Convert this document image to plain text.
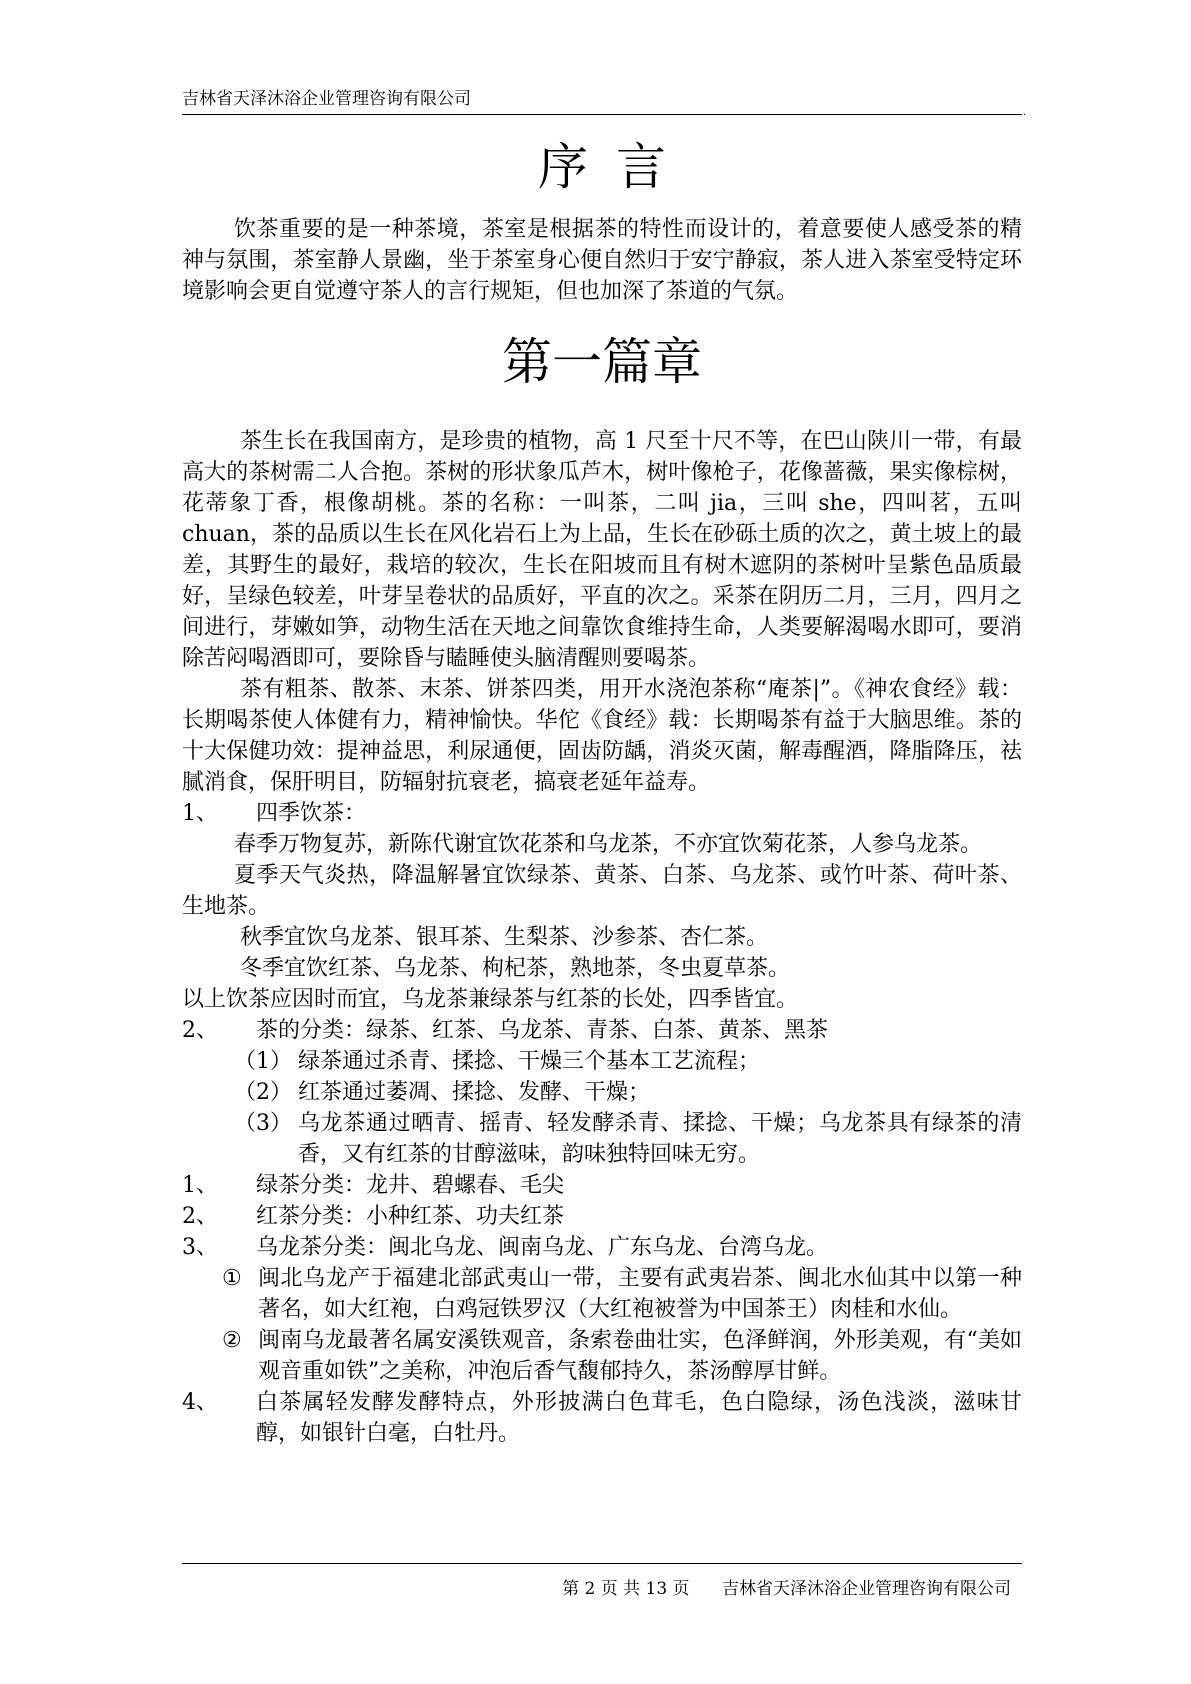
吉林省天泽沐浴企业管理咨询有限公司
.
序言

饮茶重要的是一种茶境，茶室是根据茶的特性而设计的，着意要使人感受茶的精神与氛围，茶室静人景幽，坐于茶室身心便自然归于安宁静寂，茶人进入茶室受特定环境影响会更自觉遵守茶人的言行规矩，但也加深了茶道的气氛。

第一篇章

茶生长在我国南方，是珍贵的植物，高 1 尺至十尺不等，在巴山陕川一带，有最高大的茶树需二人合抱。茶树的形状象瓜芦木，树叶像枪子，花像蔷薇，果实像棕树，花蒂象丁香，根像胡桃。茶的名称：一叫茶，二叫 jia，三叫 she，四叫茗，五叫 chuan，茶的品质以生长在风化岩石上为上品，生长在砂砾土质的次之，黄土坡上的最差，其野生的最好，栽培的较次，生长在阳坡而且有树木遮阴的茶树叶呈紫色品质最好，呈绿色较差，叶芽呈卷状的品质好，平直的次之。采茶在阴历二月，三月，四月之间进行，芽嫩如笋，动物生活在天地之间靠饮食维持生命，人类要解渴喝水即可，要消除苦闷喝酒即可，要除昏与瞌睡使头脑清醒则要喝茶。

茶有粗茶、散茶、末茶、饼茶四类，用开水浇泡茶称“庵茶|”。《神农食经》载：长期喝茶使人体健有力，精神愉快。华佗《食经》载：长期喝茶有益于大脑思维。茶的十大保健功效：提神益思，利尿通便，固齿防龋，消炎灭菌，解毒醒酒，降脂降压，祛腻消食，保肝明目，防辐射抗衰老，搞衰老延年益寿。

1、	四季饮茶：

春季万物复苏，新陈代谢宜饮花茶和乌龙茶，不亦宜饮菊花茶，人参乌龙茶。

夏季天气炎热，降温解暑宜饮绿茶、黄茶、白茶、乌龙茶、或竹叶茶、荷叶茶、生地茶。

秋季宜饮乌龙茶、银耳茶、生梨茶、沙参茶、杏仁茶。

冬季宜饮红茶、乌龙茶、枸杞茶，熟地茶，冬虫夏草茶。

以上饮茶应因时而宜，乌龙茶兼绿茶与红茶的长处，四季皆宜。

2、	茶的分类：绿茶、红茶、乌龙茶、青茶、白茶、黄茶、黑茶
（1） 绿茶通过杀青、揉捻、干燥三个基本工艺流程；
（2） 红茶通过萎凋、揉捻、发酵、干燥；
（3） 乌龙茶通过晒青、摇青、轻发酵杀青、揉捻、干燥；乌龙茶具有绿茶的清香，又有红茶的甘醇滋味，韵味独特回味无穷。
1、	绿茶分类：龙井、碧螺春、毛尖
2、	红茶分类：小种红茶、功夫红茶
3、	乌龙茶分类：闽北乌龙、闽南乌龙、广东乌龙、台湾乌龙。
① 闽北乌龙产于福建北部武夷山一带，主要有武夷岩茶、闽北水仙其中以第一种著名，如大红袍，白鸡冠铁罗汉（大红袍被誉为中国茶王）肉桂和水仙。
② 闽南乌龙最著名属安溪铁观音，条索卷曲壮实，色泽鲜润，外形美观，有“美如观音重如铁”之美称，冲泡后香气馥郁持久，茶汤醇厚甘鲜。
4、	白茶属轻发酵发酵特点，外形披满白色茸毛，色白隐绿，汤色浅淡，滋味甘醇，如银针白毫，白牡丹。
第 2 页 共 13 页 吉林省天泽沐浴企业管理咨询有限公司
